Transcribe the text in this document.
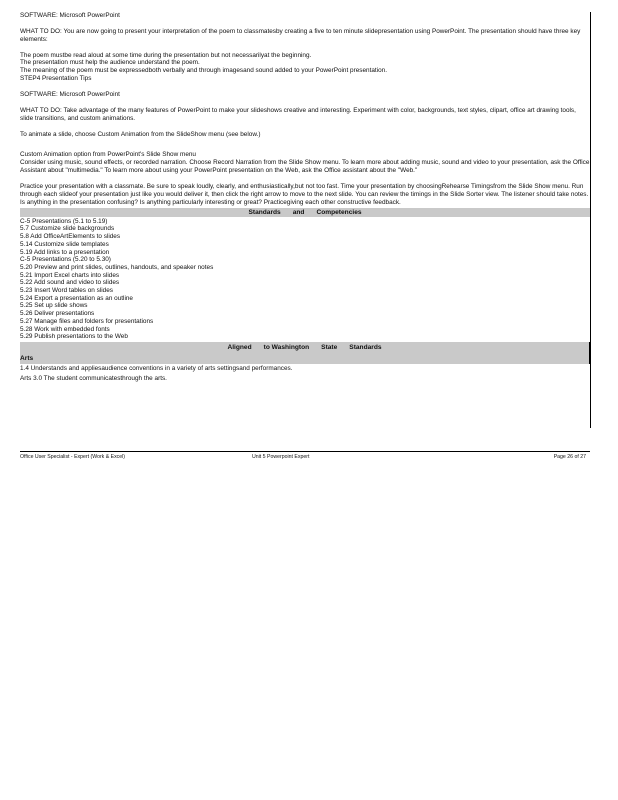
SOFTWARE: Microsoft PowerPoint

WHAT TO DO: You are now going to present your interpretation of the poem to classmatesby creating a five to ten minute slidepresentation using PowerPoint. The presentation should have three key elements:

The poem mustbe read aloud at some time during the presentation but not necessarilyat the beginning.

The presentation must help the audience understand the poem.

The meaning of the poem must be expressedboth verbally and through imagesand sound added to your PowerPoint presentation.

STEP4 Presentation Tips

SOFTWARE: Microsoft PowerPoint

WHAT TO DO: Take advantage of the many features of PowerPoint to make your slideshows creative and interesting. Experiment with color, backgrounds, text styles, clipart, office art drawing tools, slide transitions, and custom animations.

To animate a slide, choose Custom Animation from the SlideShow menu (see below.)

Custom Animation option from PowerPoint's Slide Show menu

Consider using music, sound effects, or recorded narration. Choose Record Narration from the Slide Show menu. To learn more about adding music, sound and video to your presentation, ask the Office Assistant about "multimedia." To learn more about using your PowerPoint presentation on the Web, ask the Office assistant about the "Web."

Practice your presentation with a classmate. Be sure to speak loudly, clearly, and enthusiastically,but not too fast. Time your presentation by choosingRehearse Timingsfrom the Slide Show menu. Run through each slideof your presentation just like you would deliver it, then click the right arrow to move to the next slide. You can review the timings in the Slide Sorter view. The listener should take notes. Is anything in the presentation confusing? Is anything particularly interesting or great? Practicegiving each other constructive feedback.

Standards and Competencies
C-5 Presentations (5.1 to 5.19)
5.7 Customize slide backgrounds
5.8 Add OfficeArtElements to slides
5.14 Customize slide templates
5.19 Add links to a presentation
C-5 Presentations (5.20 to 5.30)
5.20 Preview and print slides, outlines, handouts, and speaker notes
5.21 Import Excel charts into slides
5.22 Add sound and video to slides
5.23 Insert Word tables on slides
5.24 Export a presentation as an outline
5.25 Set up slide shows
5.26 Deliver presentations
5.27 Manage files and folders for presentations
5.28 Work with embedded fonts
5.29 Publish presentations to the Web
Aligned to Washington State Standards
Arts
1.4 Understands and appliesaudience conventions in a variety of arts settingsand performances.
Arts 3.0 The student communicatesthrough the arts.
Office User Specialist - Expert (Work & Excel)	Unit 5 Powerpoint Expert	Page 26 of 27
